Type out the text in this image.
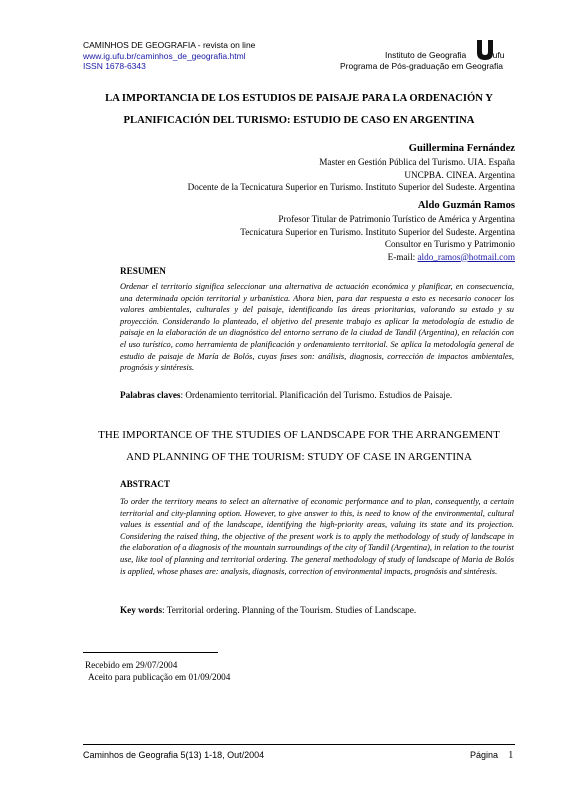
CAMINHOS DE GEOGRAFIA - revista on line
www.ig.ufu.br/caminhos_de_geografia.html
ISSN 1678-6343
Instituto de Geografia	ufu
Programa de Pós-graduação em Geografia
LA IMPORTANCIA DE LOS ESTUDIOS DE PAISAJE PARA LA ORDENACIÓN Y
PLANIFICACIÓN DEL TURISMO: ESTUDIO DE CASO EN ARGENTINA
Guillermina Fernández
Master en Gestión Pública del Turismo. UIA. España
UNCPBA. CINEA. Argentina
Docente de la Tecnicatura Superior en Turismo. Instituto Superior del Sudeste. Argentina
Aldo Guzmán Ramos
Profesor Titular de Patrimonio Turístico de América y Argentina
Tecnicatura Superior en Turismo. Instituto Superior del Sudeste. Argentina
Consultor en Turismo y Patrimonio
E-mail: aldo_ramos@hotmail.com
RESUMEN
Ordenar el territorio significa seleccionar una alternativa de actuación económica y planificar, en consecuencia, una determinada opción territorial y urbanística. Ahora bien, para dar respuesta a esto es necesario conocer los valores ambientales, culturales y del paisaje, identificando las áreas prioritarias, valorando su estado y su proyección. Considerando lo planteado, el objetivo del presente trabajo es aplicar la metodología de estudio de paisaje en la elaboración de un diagnóstico del entorno serrano de la ciudad de Tandil (Argentina), en relación con el uso turístico, como herramienta de planificación y ordenamiento territorial. Se aplica la metodología general de estudio de paisaje de María de Bolós, cuyas fases son: análisis, diagnosis, corrección de impactos ambientales, prognósis y sintéresis.
Palabras claves: Ordenamiento territorial. Planificación del Turismo. Estudios de Paisaje.
THE IMPORTANCE OF THE STUDIES OF LANDSCAPE FOR THE ARRANGEMENT
AND PLANNING OF THE TOURISM: STUDY OF CASE IN ARGENTINA
ABSTRACT
To order the territory means to select an alternative of economic performance and to plan, consequently, a certain territorial and city-planning option. However, to give answer to this, is need to know of the environmental, cultural values is essential and of the landscape, identifying the high-priority areas, valuing its state and its projection. Considering the raised thing, the objective of the present work is to apply the methodology of study of landscape in the elaboration of a diagnosis of the mountain surroundings of the city of Tandil (Argentina), in relation to the tourist use, like tool of planning and territorial ordering. The general methodology of study of landscape of Maria de Bolós is applied, whose phases are: analysis, diagnosis, correction of environmental impacts, prognósis and sintéresis.
Key words: Territorial ordering. Planning of the Tourism. Studies of Landscape.
Recebido em 29/07/2004
Aceito para publicação em 01/09/2004
Caminhos de Geografia 5(13) 1-18, Out/2004	Página 1
